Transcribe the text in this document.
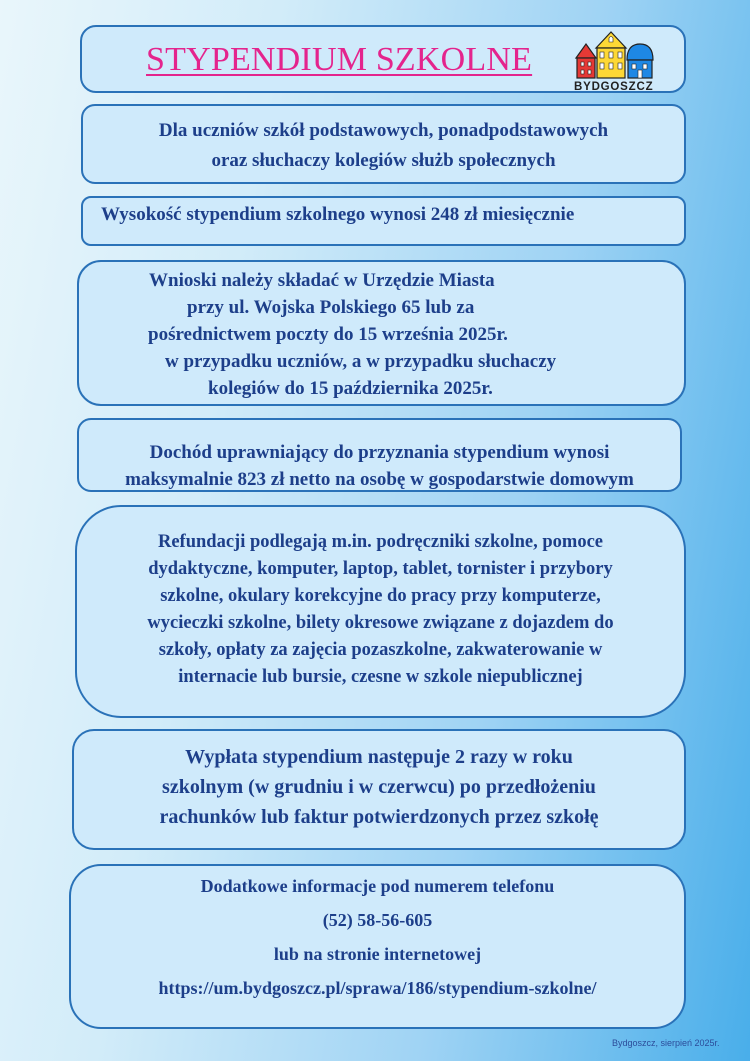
STYPENDIUM SZKOLNE
BYDGOSZCZ

Dla uczniów szkół podstawowych, ponadpodstawowych

oraz słuchaczy kolegiów służb społecznych

Wysokość stypendium szkolnego wynosi 248 zł miesięcznie

Wnioski należy składać w Urzędzie Miasta

przy ul. Wojska Polskiego 65 lub za

pośrednictwem poczty do 15 września 2025r.

w przypadku uczniów, a w przypadku słuchaczy

kolegiów do 15 października 2025r.

Dochód uprawniający do przyznania stypendium wynosi

maksymalnie 823 zł netto na osobę w gospodarstwie domowym

Refundacji podlegają m.in. podręczniki szkolne, pomoce

dydaktyczne, komputer, laptop, tablet, tornister i przybory

szkolne, okulary korekcyjne do pracy przy komputerze,

wycieczki szkolne, bilety okresowe związane z dojazdem do

szkoły, opłaty za zajęcia pozaszkolne, zakwaterowanie w

internacie lub bursie, czesne w szkole niepublicznej

Wypłata stypendium następuje 2 razy w roku

szkolnym (w grudniu i w czerwcu) po przedłożeniu

rachunków lub faktur potwierdzonych przez szkołę

Dodatkowe informacje pod numerem telefonu

(52) 58-56-605

lub na stronie internetowej

https://um.bydgoszcz.pl/sprawa/186/stypendium-szkolne/

Bydgoszcz, sierpień 2025r.
